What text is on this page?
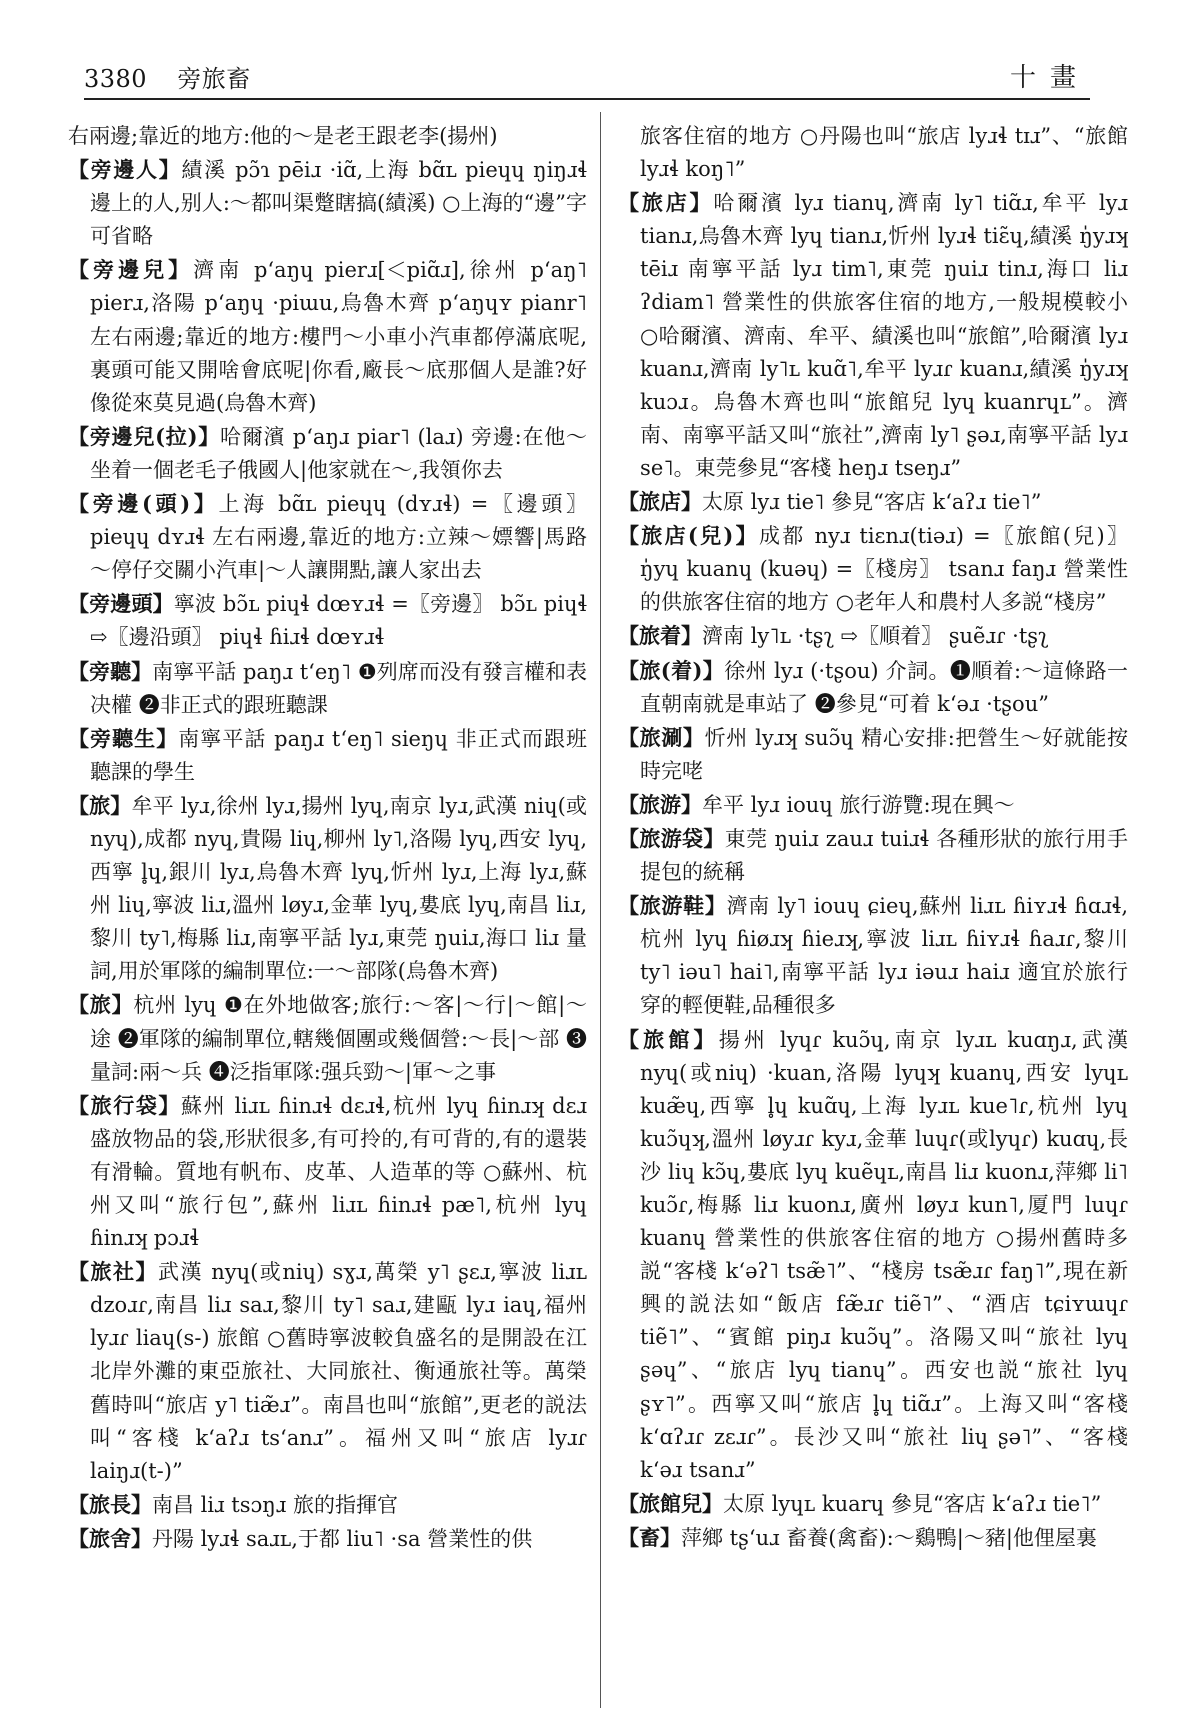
3380 旁旅畜	十畫

右兩邊;靠近的地方:他的～是老王跟老李(揚州)

【旁邊人】績溪 pɔ̃ɿ pēiɹ ·iɑ̃,上海 bɑ̃ʟ pieɥɥ ŋiŋɹɬ 邊上的人,别人:～都叫渠蹩瞎搞(績溪) ○上海的“邊”字可省略

【旁邊兒】濟南 pʻaŋɥ pierɹ[＜piɑ̃ɹ],徐州 pʻaŋ˥ pierɹ,洛陽 pʻaŋɥ ·piɯu,烏魯木齊 pʻaŋɥʏ pianr˥ 左右兩邊;靠近的地方:樓門～小車小汽車都停滿底呢,裏頭可能又開啥會底呢|你看,廠長～底那個人是誰?好像從來莫見過(烏魯木齊)

【旁邊兒(拉)】哈爾濱 pʻaŋɹ piar˥ (laɹ) 旁邊:在他～坐着一個老毛子俄國人|他家就在～,我領你去

【旁邊(頭)】上海 bɑ̃ʟ pieɥɥ (dʏɹɬ) =〖邊頭〗 pieɥɥ dʏɹɬ 左右兩邊,靠近的地方:立辣～嫖響|馬路～停仔交關小汽車|～人讓開點,讓人家出去

【旁邊頭】寧波 bɔ̃ʟ piɥɬ dœʏɹɬ =〖旁邊〗 bɔ̃ʟ piɥɬ ⇨〖邊沿頭〗 piɥɬ ɦiɹɬ dœʏɹɬ

【旁聽】南寧平話 paŋɹ tʻeŋ˥ ❶列席而没有發言權和表决權 ❷非正式的跟班聽課

【旁聽生】南寧平話 paŋɹ tʻeŋ˥ sieŋɥ 非正式而跟班聽課的學生

【旅】牟平 lyɹ,徐州 lyɹ,揚州 lyɥ,南京 lyɹ,武漢 niɥ(或nyɥ),成都 nyɥ,貴陽 liɥ,柳州 ly˥,洛陽 lyɥ,西安 lyɥ,西寧 l̥ɥ,銀川 lyɹ,烏魯木齊 lyɥ,忻州 lyɹ,上海 lyɹ,蘇州 liɥ,寧波 liɹ,溫州 løyɹ,金華 lyɥ,婁底 lyɥ,南昌 liɹ,黎川 ty˥,梅縣 liɹ,南寧平話 lyɹ,東莞 ŋuiɹ,海口 liɹ 量詞,用於軍隊的編制單位:一～部隊(烏魯木齊)

【旅】杭州 lyɥ ❶在外地做客;旅行:～客|～行|～館|～途 ❷軍隊的編制單位,轄幾個團或幾個營:～長|～部 ❸量詞:兩～兵 ❹泛指軍隊:强兵勁～|軍～之事

【旅行袋】蘇州 liɹʟ ɦinɹɬ dɛɹɬ,杭州 lyɥ ɦinɹʞ dɛɹ 盛放物品的袋,形狀很多,有可拎的,有可背的,有的還裝有滑輪。質地有帆布、皮革、人造革的等 ○蘇州、杭州又叫“旅行包”,蘇州 liɹʟ ɦinɹɬ pæ˥,杭州 lyɥ ɦinɹʞ pɔɹɬ

【旅社】武漢 nyɥ(或niɥ) sɣɹ,萬榮 y˥ ʂɛɹ,寧波 liɹʟ dzoɹɾ,南昌 liɹ saɹ,黎川 ty˥ saɹ,建甌 lyɹ iaɥ,福州 lyɹɾ liaɥ(s-) 旅館 ○舊時寧波較負盛名的是開設在江北岸外灘的東亞旅社、大同旅社、衡通旅社等。萬榮舊時叫“旅店 y˥ tiæ̃ɹ”。南昌也叫“旅館”,更老的説法叫“客棧 kʻaʔɹ tsʻanɹ”。福州又叫“旅店 lyɹɾ laiŋɹ(t-)”

【旅長】南昌 liɹ tsɔŋɹ 旅的指揮官

【旅舍】丹陽 lyɹɬ saɹʟ,于都 liu˥ ·sa 營業性的供

旅客住宿的地方 ○丹陽也叫“旅店 lyɹɬ tɪɹ”、“旅館 lyɹɬ koŋ˥”

【旅店】哈爾濱 lyɹ tianɥ,濟南 ly˥ tiɑ̃ɹ,牟平 lyɹ tianɹ,烏魯木齊 lyɥ tianɹ,忻州 lyɹɬ tiɛ̃ɥ,績溪 ŋ̍yɹʞ tēiɹ 南寧平話 lyɹ tim˥,東莞 ŋuiɹ tinɹ,海口 liɹ ʔdiam˥ 營業性的供旅客住宿的地方,一般規模較小 ○哈爾濱、濟南、牟平、績溪也叫“旅館”,哈爾濱 lyɹ kuanɹ,濟南 ly˥ʟ kuɑ̃˥,牟平 lyɹɾ kuanɹ,績溪 ŋ̍yɹʞ kuɔɹ。烏魯木齊也叫“旅館兒 lyɥ kuanrɥʟ”。濟南、南寧平話又叫“旅社”,濟南 ly˥ ʂəɹ,南寧平話 lyɹ se˥。東莞參見“客棧 heŋɹ tseŋɹ”

【旅店】太原 lyɹ tie˥ 參見“客店 kʻaʔɹ tie˥”

【旅店(兒)】成都 nyɹ tiɛnɹ(tiəɹ) =〖旅館(兒)〗 ŋ̍yɥ kuanɥ (kuəɥ) =〖棧房〗 tsanɹ faŋɹ 營業性的供旅客住宿的地方 ○老年人和農村人多説“棧房”

【旅着】濟南 ly˥ʟ ·tʂʅ ⇨〖順着〗 ʂuẽɹɾ ·tʂʅ

【旅(着)】徐州 lyɹ (·tʂou) 介詞。❶順着:～這條路一直朝南就是車站了 ❷參見“可着 kʻəɹ ·tʂou”

【旅涮】忻州 lyɹʞ suɔ̃ɥ 精心安排:把營生～好就能按時完咾

【旅游】牟平 lyɹ iouɥ 旅行游覽:現在興～

【旅游袋】東莞 ŋuiɹ zauɹ tuiɹɬ 各種形狀的旅行用手提包的統稱

【旅游鞋】濟南 ly˥ iouɥ ɕieɥ,蘇州 liɹʟ ɦiʏɹɬ ɦɑɹɬ,杭州 lyɥ ɦiøɹʞ ɦieɹʞ,寧波 liɹʟ ɦiʏɹɬ ɦaɹɾ,黎川 ty˥ iəu˥ hai˥,南寧平話 lyɹ iəuɹ haiɹ 適宜於旅行穿的輕便鞋,品種很多

【旅館】揚州 lyɥɾ kuɔ̃ɥ,南京 lyɹʟ kuɑŋɹ,武漢 nyɥ(或niɥ) ·kuan,洛陽 lyɥʞ kuanɥ,西安 lyɥʟ kuæ̃ɥ,西寧 l̥ɥ kuɑ̃ɥ,上海 lyɹʟ kue˥ɾ,杭州 lyɥ kuɔ̃ɥʞ,溫州 løyɹɾ kyɹ,金華 luɥɾ(或lyɥɾ) kuɑɥ,長沙 liɥ kɔ̃ɥ,婁底 lyɥ kuẽɥʟ,南昌 liɹ kuonɹ,萍鄉 li˥ kuɔ̃ɾ,梅縣 liɹ kuonɹ,廣州 løyɹ kun˥,厦門 luɥɾ kuanɥ 營業性的供旅客住宿的地方 ○揚州舊時多説“客棧 kʻəʔ˥ tsæ̃˥”、“棧房 tsæ̃ɹɾ faŋ˥”,現在新興的説法如“飯店 fæ̃ɹɾ tiẽ˥”、“酒店 tɕiʏɯɥɾ tiẽ˥”、“賓館 piŋɹ kuɔ̃ɥ”。洛陽又叫“旅社 lyɥ ʂəɥ”、“旅店 lyɥ tianɥ”。西安也説“旅社 lyɥ ʂʏ˥”。西寧又叫“旅店 l̥ɥ tiɑ̃ɹ”。上海又叫“客棧 kʻɑʔɹɾ zɛɹɾ”。長沙又叫“旅社 liɥ ʂə˥”、“客棧 kʻəɹ tsanɹ”

【旅館兒】太原 lyɥʟ kuarɥ 參見“客店 kʻaʔɹ tie˥”

【畜】萍鄉 tʂʻuɹ 畜養(禽畜):～鷄鴨|～豬|他俚屋裏
